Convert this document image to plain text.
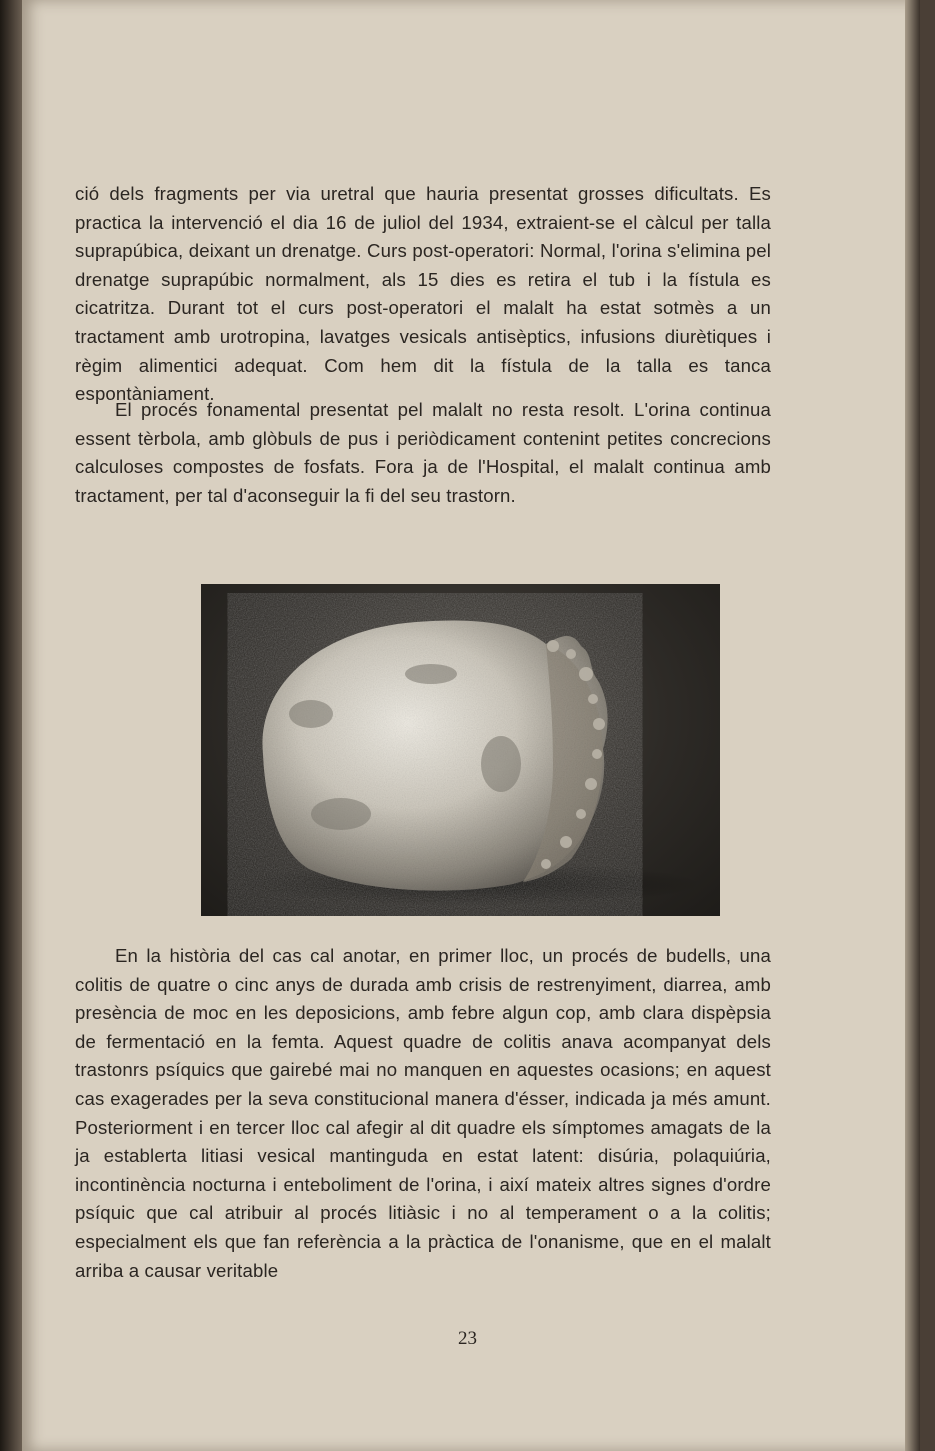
ció dels fragments per via uretral que hauria presentat grosses dificultats. Es practica la intervenció el dia 16 de juliol del 1934, extraient-se el càlcul per talla suprapúbica, deixant un drenatge. Curs post-operatori: Normal, l'orina s'elimina pel drenatge suprapúbic normalment, als 15 dies es retira el tub i la fístula es cicatritza. Durant tot el curs post-operatori el malalt ha estat sotmès a un tractament amb urotropina, lavatges vesicals antisèptics, infusions diurètiques i règim alimentici adequat. Com hem dit la fístula de la talla es tanca espontàniament.

El procés fonamental presentat pel malalt no resta resolt. L'orina continua essent tèrbola, amb glòbuls de pus i periòdicament contenint petites concrecions calculoses compostes de fosfats. Fora ja de l'Hospital, el malalt continua amb tractament, per tal d'aconseguir la fi del seu trastorn.

En la història del cas cal anotar, en primer lloc, un procés de budells, una colitis de quatre o cinc anys de durada amb crisis de restrenyiment, diarrea, amb presència de moc en les deposicions, amb febre algun cop, amb clara dispèpsia de fermentació en la femta. Aquest quadre de colitis anava acompanyat dels trastonrs psíquics que gairebé mai no manquen en aquestes ocasions; en aquest cas exagerades per la seva constitucional manera d'ésser, indicada ja més amunt. Posteriorment i en tercer lloc cal afegir al dit quadre els símptomes amagats de la ja establerta litiasi vesical mantinguda en estat latent: disúria, polaquiúria, incontinència nocturna i enteboliment de l'orina, i així mateix altres signes d'ordre psíquic que cal atribuir al procés litiàsic i no al temperament o a la colitis; especialment els que fan referència a la pràctica de l'onanisme, que en el malalt arriba a causar veritable

23
